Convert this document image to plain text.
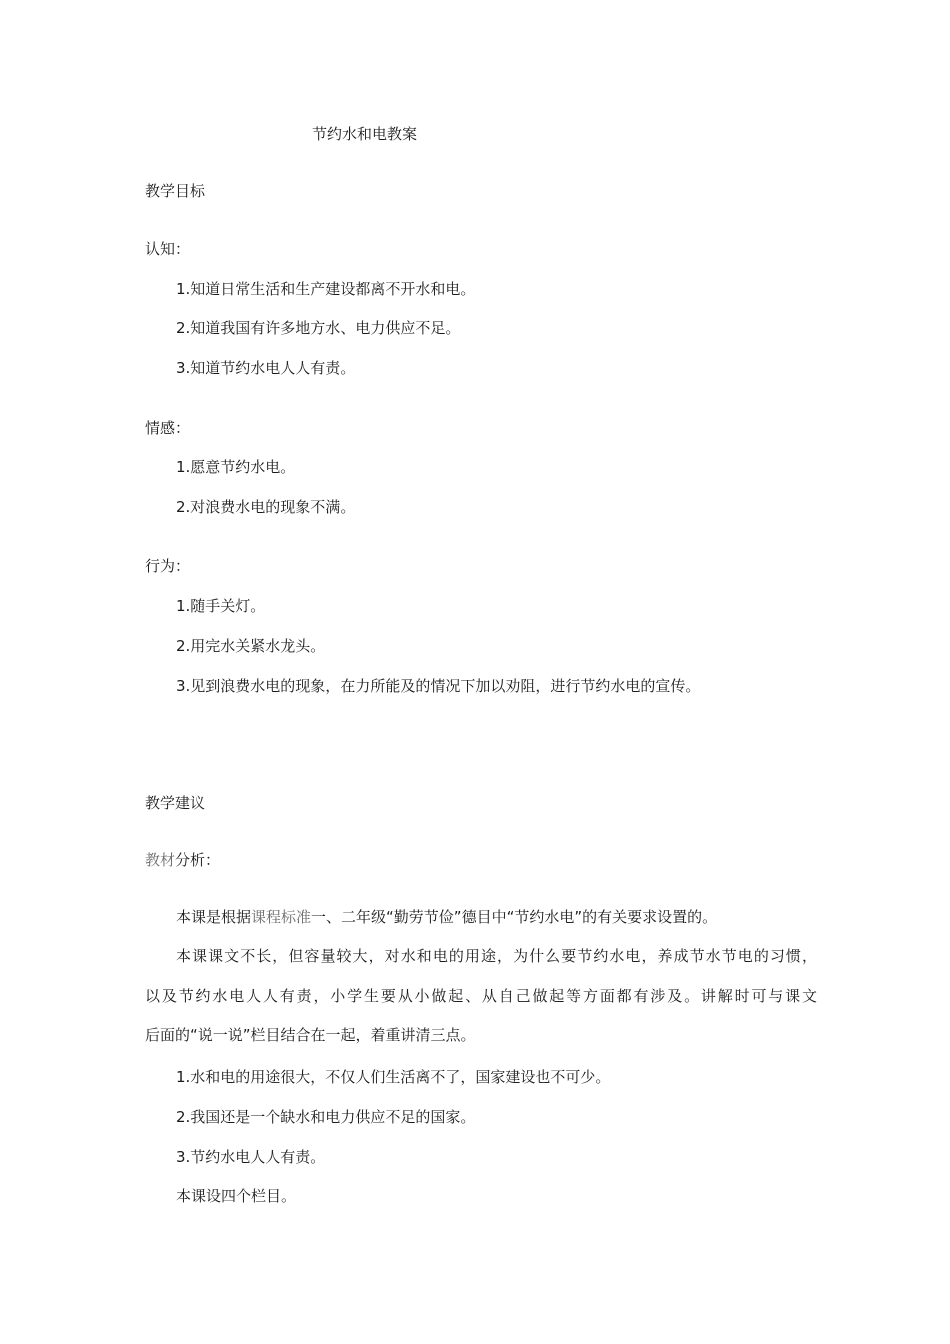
节约水和电教案
教学目标
认知：
1.知道日常生活和生产建设都离不开水和电。
2.知道我国有许多地方水、电力供应不足。
3.知道节约水电人人有责。
情感：
1.愿意节约水电。
2.对浪费水电的现象不满。
行为：
1.随手关灯。
2.用完水关紧水龙头。
3.见到浪费水电的现象，在力所能及的情况下加以劝阻，进行节约水电的宣传。
教学建议
教材分析：
本课是根据课程标准一、二年级“勤劳节俭”德目中“节约水电”的有关要求设置的。
本课课文不长，但容量较大，对水和电的用途，为什么要节约水电，养成节水节电的习惯，
以及节约水电人人有责，小学生要从小做起、从自己做起等方面都有涉及。讲解时可与课文
后面的“说一说”栏目结合在一起，着重讲清三点。
1.水和电的用途很大，不仅人们生活离不了，国家建设也不可少。
2.我国还是一个缺水和电力供应不足的国家。
3.节约水电人人有责。
本课设四个栏目。
